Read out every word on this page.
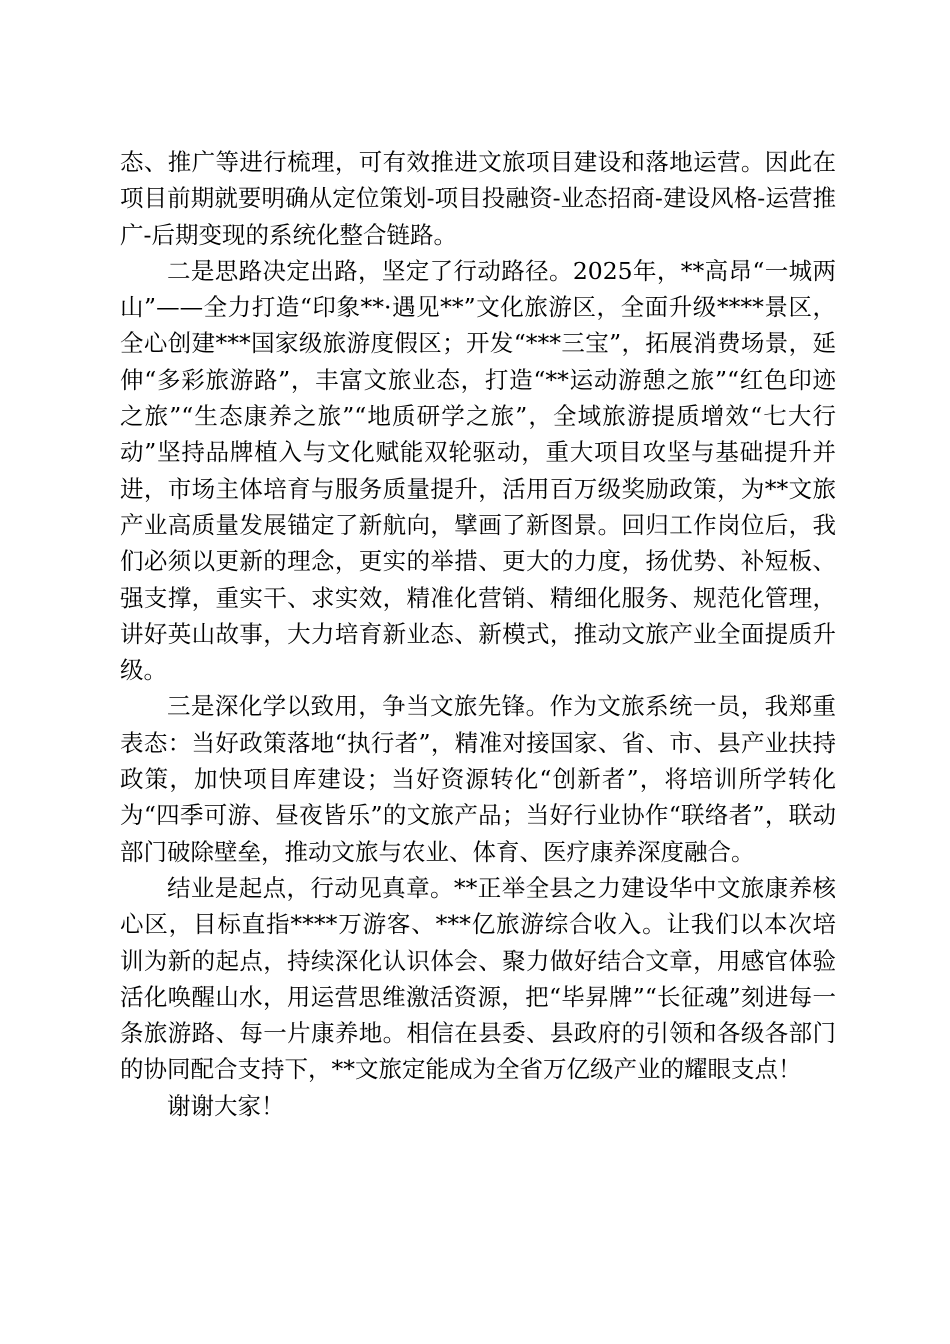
态、推广等进行梳理，可有效推进文旅项目建设和落地运营。因此在项目前期就要明确从定位策划-项目投融资-业态招商-建设风格-运营推广-后期变现的系统化整合链路。

二是思路决定出路，坚定了行动路径。2025年，**高昂“一城两山”——全力打造“印象**·遇见**”文化旅游区，全面升级****景区，全心创建***国家级旅游度假区；开发“***三宝”，拓展消费场景，延伸“多彩旅游路”，丰富文旅业态，打造“**运动游憩之旅”“红色印迹之旅”“生态康养之旅”“地质研学之旅”，全域旅游提质增效“七大行动”坚持品牌植入与文化赋能双轮驱动，重大项目攻坚与基础提升并进，市场主体培育与服务质量提升，活用百万级奖励政策，为**文旅产业高质量发展锚定了新航向，擘画了新图景。回归工作岗位后，我们必须以更新的理念，更实的举措、更大的力度，扬优势、补短板、强支撑，重实干、求实效，精准化营销、精细化服务、规范化管理，讲好英山故事，大力培育新业态、新模式，推动文旅产业全面提质升级。

三是深化学以致用，争当文旅先锋。作为文旅系统一员，我郑重表态：当好政策落地“执行者”，精准对接国家、省、市、县产业扶持政策，加快项目库建设；当好资源转化“创新者”，将培训所学转化为“四季可游、昼夜皆乐”的文旅产品；当好行业协作“联络者”，联动部门破除壁垒，推动文旅与农业、体育、医疗康养深度融合。

结业是起点，行动见真章。**正举全县之力建设华中文旅康养核心区，目标直指****万游客、***亿旅游综合收入。让我们以本次培训为新的起点，持续深化认识体会、聚力做好结合文章，用感官体验活化唤醒山水，用运营思维激活资源，把“毕昇牌”“长征魂”刻进每一条旅游路、每一片康养地。相信在县委、县政府的引领和各级各部门的协同配合支持下，**文旅定能成为全省万亿级产业的耀眼支点！

谢谢大家！
